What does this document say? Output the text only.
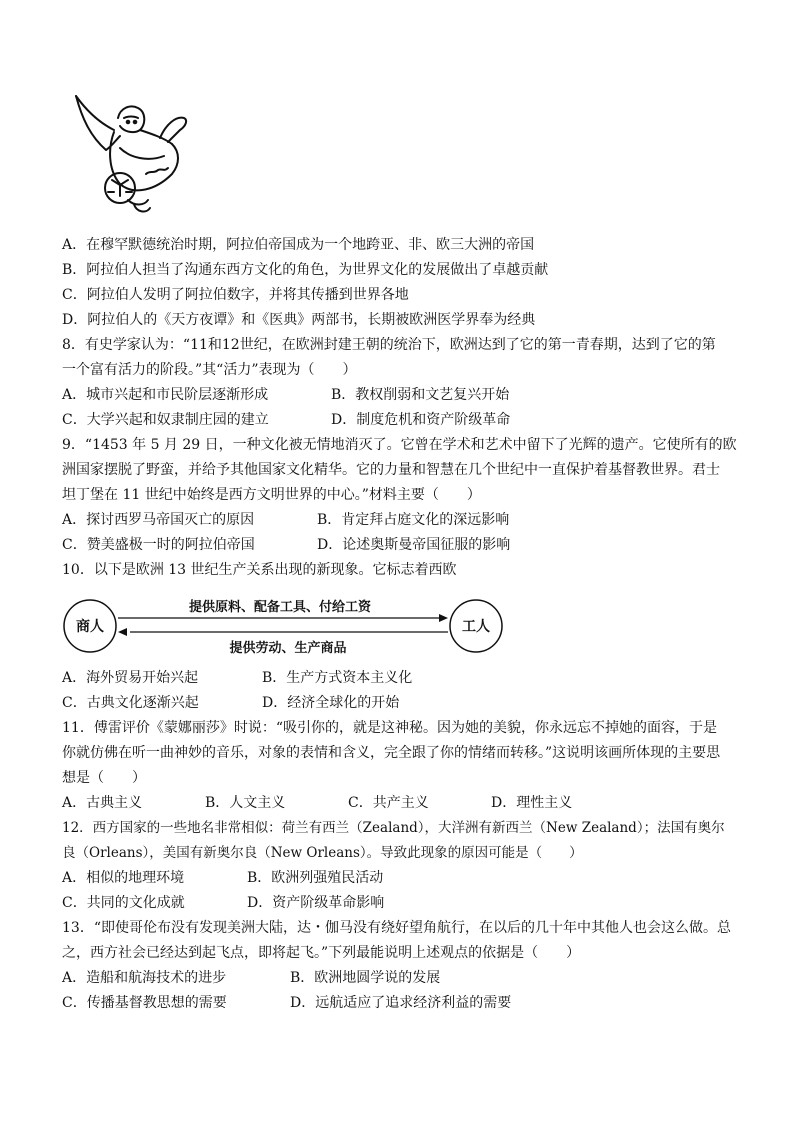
A．在穆罕默德统治时期，阿拉伯帝国成为一个地跨亚、非、欧三大洲的帝国
B．阿拉伯人担当了沟通东西方文化的角色，为世界文化的发展做出了卓越贡献
C．阿拉伯人发明了阿拉伯数字，并将其传播到世界各地
D．阿拉伯人的《天方夜谭》和《医典》两部书，长期被欧洲医学界奉为经典
8．有史学家认为：“11和12世纪，在欧洲封建王朝的统治下，欧洲达到了它的第一青春期，达到了它的第
一个富有活力的阶段。”其“活力”表现为（　　）
A．城市兴起和市民阶层逐渐形成	B．教权削弱和文艺复兴开始
C．大学兴起和奴隶制庄园的建立	D．制度危机和资产阶级革命
9．“1453 年 5 月 29 日，一种文化被无情地消灭了。它曾在学术和艺术中留下了光辉的遗产。它使所有的欧
洲国家摆脱了野蛮，并给予其他国家文化精华。它的力量和智慧在几个世纪中一直保护着基督教世界。君士
坦丁堡在 11 世纪中始终是西方文明世界的中心。”材料主要（　　）
A．探讨西罗马帝国灭亡的原因	B．肯定拜占庭文化的深远影响
C．赞美盛极一时的阿拉伯帝国	D．论述奥斯曼帝国征服的影响
10．以下是欧洲 13 世纪生产关系出现的新现象。它标志着西欧
商人	工人
提供原料、配备工具、付给工资
提供劳动、生产商品
A．海外贸易开始兴起	B．生产方式资本主义化
C．古典文化逐渐兴起	D．经济全球化的开始
11．傅雷评价《蒙娜丽莎》时说：“吸引你的，就是这神秘。因为她的美貌，你永远忘不掉她的面容，于是
你就仿佛在听一曲神妙的音乐，对象的表情和含义，完全跟了你的情绪而转移。”这说明该画所体现的主要思
想是（　　）
A．古典主义	B．人文主义	C．共产主义	D．理性主义
12．西方国家的一些地名非常相似：荷兰有西兰（Zealand），大洋洲有新西兰（New Zealand）；法国有奥尔
良（Orleans），美国有新奥尔良（New Orleans）。导致此现象的原因可能是（　　）
A．相似的地理环境	B．欧洲列强殖民活动
C．共同的文化成就	D．资产阶级革命影响
13．“即使哥伦布没有发现美洲大陆，达・伽马没有绕好望角航行，在以后的几十年中其他人也会这么做。总
之，西方社会已经达到起飞点，即将起飞。”下列最能说明上述观点的依据是（　　）
A．造船和航海技术的进步	B．欧洲地圆学说的发展
C．传播基督教思想的需要	D．远航适应了追求经济利益的需要
